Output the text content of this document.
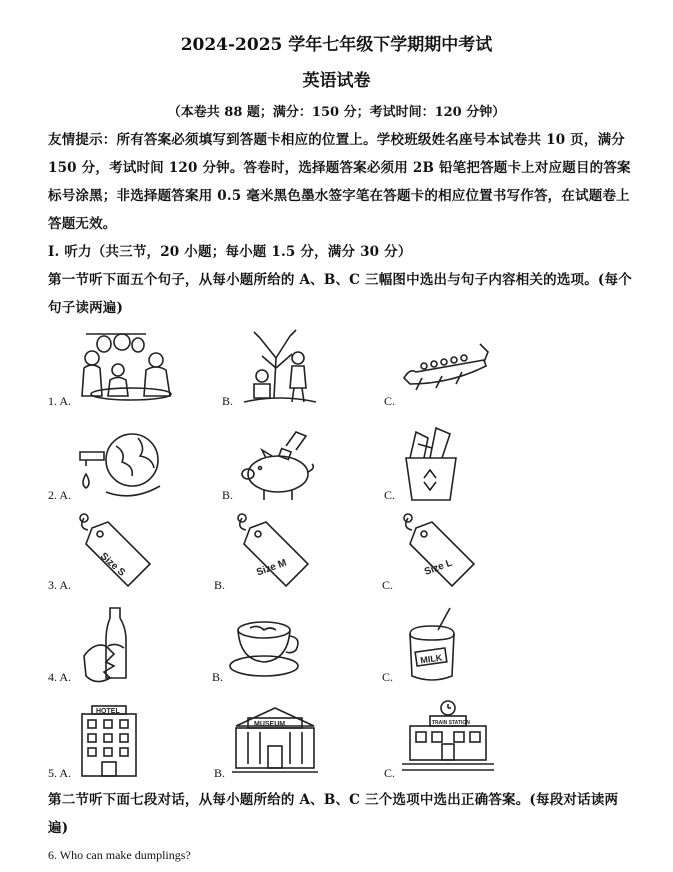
2024-2025 学年七年级下学期期中考试
英语试卷
（本卷共 88 题；满分：150 分；考试时间：120 分钟）
友情提示：所有答案必须填写到答题卡相应的位置上。学校班级姓名座号本试卷共 10 页，满分 150 分，考试时间 120 分钟。答卷时，选择题答案必须用 2B 铅笔把答题卡上对应题目的答案标号涂黑；非选择题答案用 0.5 毫米黑色墨水签字笔在答题卡的相应位置书写作答，在试题卷上答题无效。
I. 听力（共三节，20 小题；每小题 1.5 分，满分 30 分）
第一节听下面五个句子，从每小题所给的 A、B、C 三幅图中选出与句子内容相关的选项。(每个句子读两遍)
1. A.	B.	C.
2. A.	B.	C.
3. A.
Size S
B.
Size M
C.
Size L
4. A.	B.	C.
MILK
5. A.
HOTEL
B.
MUSEUM
C.
TRAIN STATION
第二节听下面七段对话，从每小题所给的 A、B、C 三个选项中选出正确答案。(每段对话读两遍)
6. Who can make dumplings?
